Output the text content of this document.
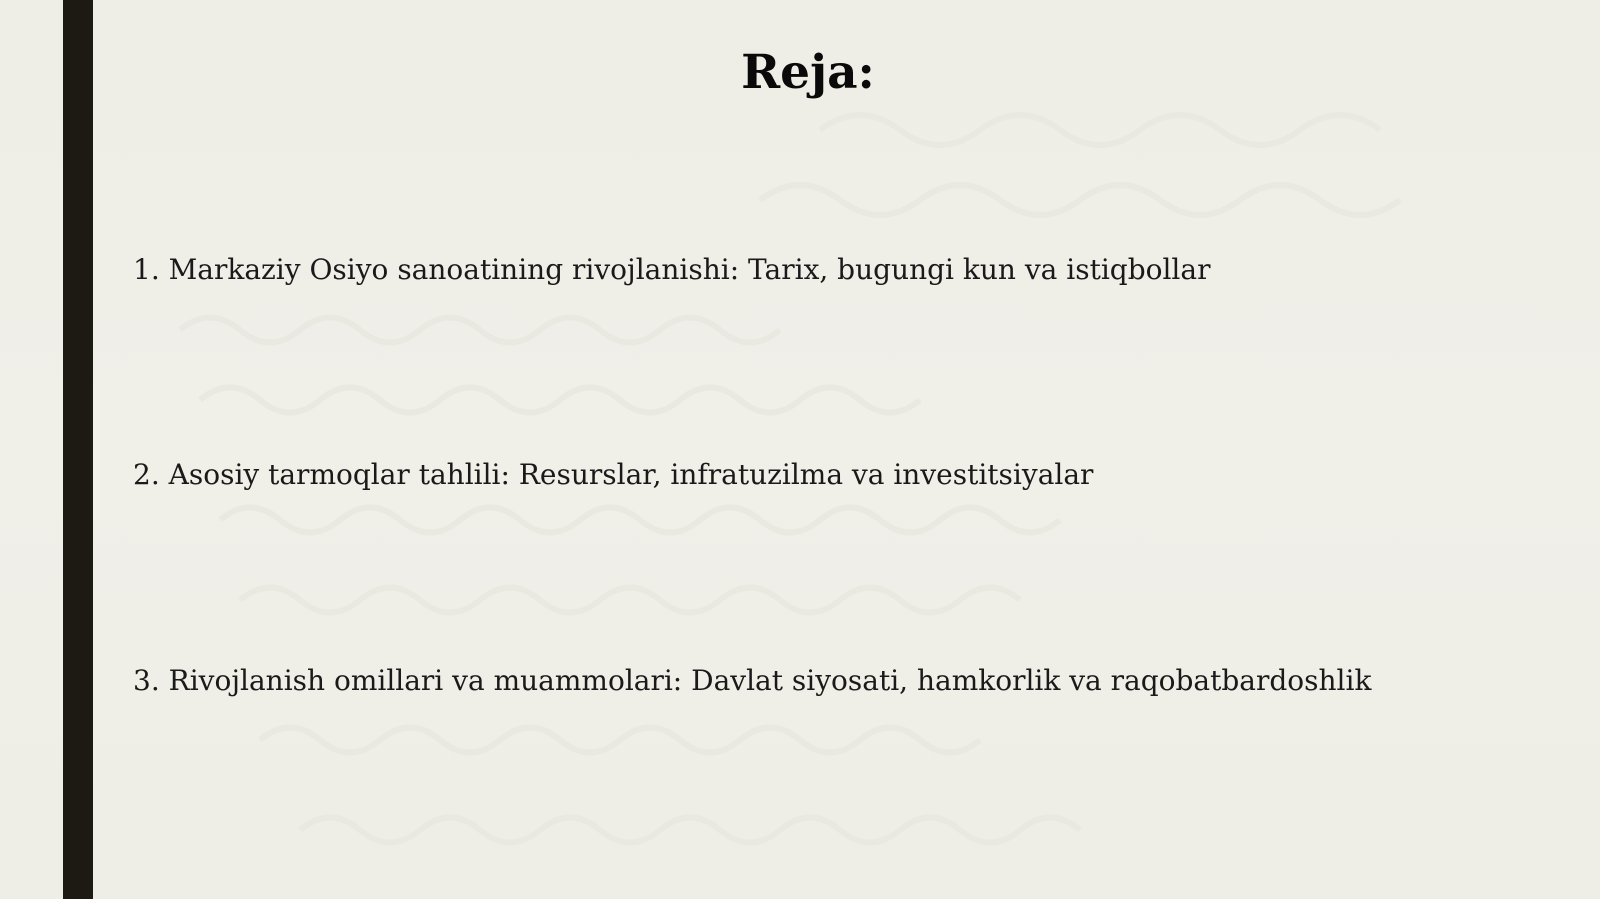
Reja:
1. Markaziy Osiyo sanoatining rivojlanishi: Tarix, bugungi kun va istiqbollar
2. Asosiy tarmoqlar tahlili: Resurslar, infratuzilma va investitsiyalar
3. Rivojlanish omillari va muammolari: Davlat siyosati, hamkorlik va raqobatbardoshlik
